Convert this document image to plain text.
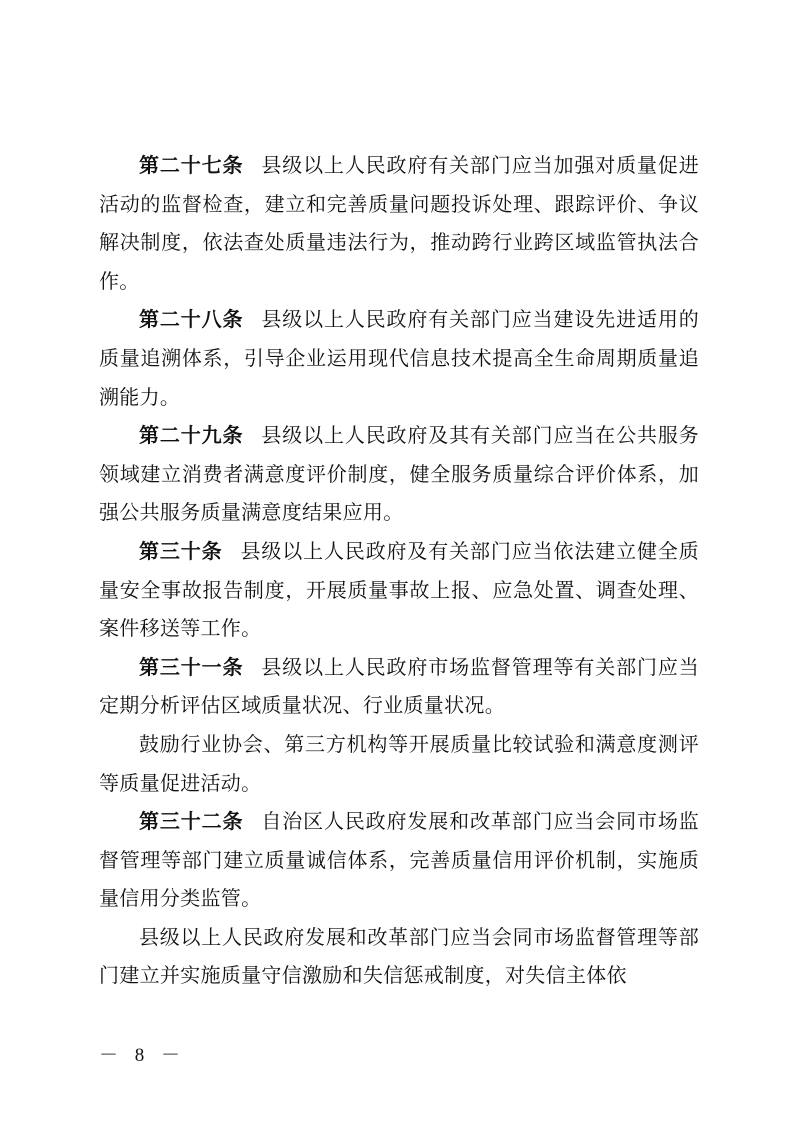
第二十七条 县级以上人民政府有关部门应当加强对质量促进活动的监督检查，建立和完善质量问题投诉处理、跟踪评价、争议解决制度，依法查处质量违法行为，推动跨行业跨区域监管执法合作。

第二十八条 县级以上人民政府有关部门应当建设先进适用的质量追溯体系，引导企业运用现代信息技术提高全生命周期质量追溯能力。

第二十九条 县级以上人民政府及其有关部门应当在公共服务领域建立消费者满意度评价制度，健全服务质量综合评价体系，加强公共服务质量满意度结果应用。

第三十条 县级以上人民政府及有关部门应当依法建立健全质量安全事故报告制度，开展质量事故上报、应急处置、调查处理、案件移送等工作。

第三十一条 县级以上人民政府市场监督管理等有关部门应当定期分析评估区域质量状况、行业质量状况。

鼓励行业协会、第三方机构等开展质量比较试验和满意度测评等质量促进活动。

第三十二条 自治区人民政府发展和改革部门应当会同市场监督管理等部门建立质量诚信体系，完善质量信用评价机制，实施质量信用分类监管。

县级以上人民政府发展和改革部门应当会同市场监督管理等部门建立并实施质量守信激励和失信惩戒制度，对失信主体依

－ 8 －
